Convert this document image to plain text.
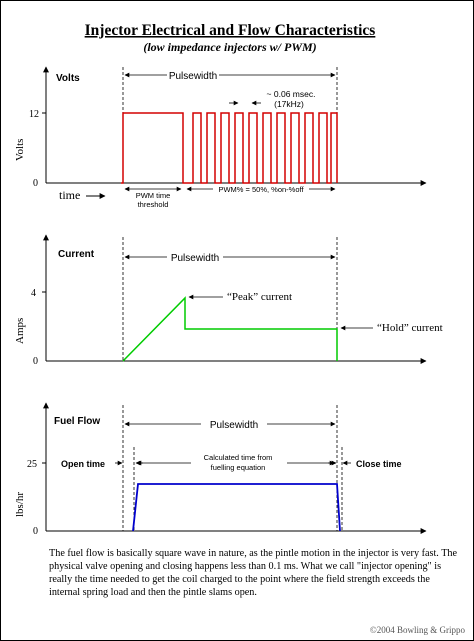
Injector Electrical and Flow Characteristics
(low impedance injectors w/ PWM)
12
0
Volts
Volts
time
Pulsewidth
~ 0.06 msec.
(17kHz)
PWM time
threshold
PWM% = 50%, %on-%off
4
0
Amps
Current	Pulsewidth
“Peak” current
“Hold” current
25
0
lbs/hr
Fuel Flow	Pulsewidth
Open time
Calculated time from
fuelling equation	Close time
The fuel flow is basically square wave in nature, as the pintle motion in the injector is very fast. The physical valve opening and closing happens less than 0.1 ms. What we call "injector opening" is really the time needed to get the coil charged to the point where the field strength exceeds the internal spring load and then the pintle slams open.
©2004 Bowling & Grippo
